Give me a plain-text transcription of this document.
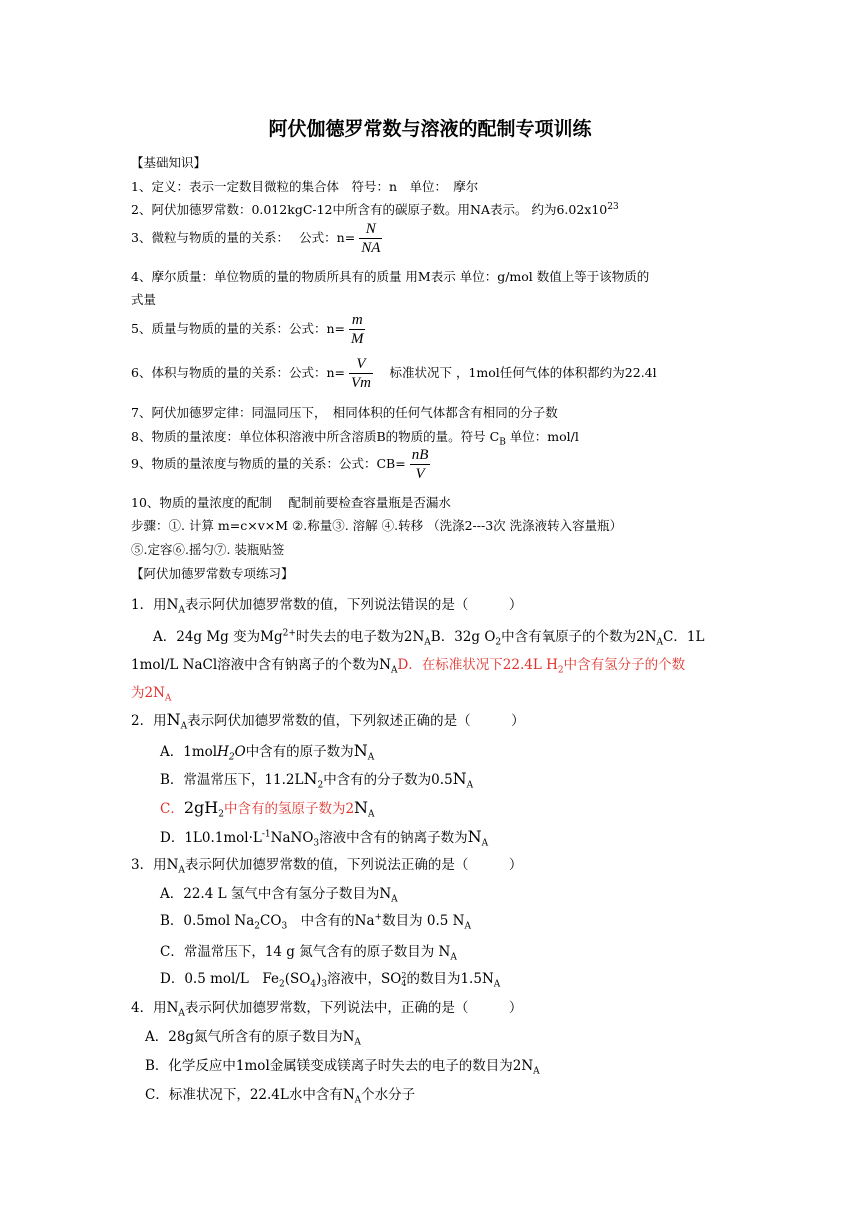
阿伏伽德罗常数与溶液的配制专项训练
【基础知识】
1、定义：表示一定数目微粒的集合体　符号：n　单位：　摩尔
2、阿伏加德罗常数：0.012kgC-12中所含有的碳原子数。用NA表示。 约为$6.02x10^{23}$
3、微粒与物质的量的关系：　 公式：$n= \frac{N}{NA}$
4、摩尔质量：单位物质的量的物质所具有的质量 用M表示 单位：g/mol 数值上等于该物质的
式量
5、质量与物质的量的关系：公式：$n= \frac{m}{M}$
6、体积与物质的量的关系：公式：$n= \frac{V}{Vm}$ 　标准状况下 ，1mol任何气体的体积都约为22.4l
7、阿伏加德罗定律：同温同压下，　相同体积的任何气体都含有相同的分子数
8、物质的量浓度：单位体积溶液中所含溶质B的物质的量。符号 $C_B$ 单位：mol/l
9、物质的量浓度与物质的量的关系：公式：$CB= \frac{nB}{V}$
10、物质的量浓度的配制　 配制前要检查容量瓶是否漏水
步骤：①. 计算 m=c×v×M ②.称量③. 溶解 ④.转移 （洗涤2---3次 洗涤液转入容量瓶）
⑤.定容⑥.摇匀⑦. 装瓶贴签
【阿伏加德罗常数专项练习】
1．用$N_A$表示阿伏加德罗常数的值，下列说法错误的是（　　　）
A．24g Mg 变为$Mg^{2+}$时失去的电子数为$2N_AB$．32g $O_2$中含有氧原子的个数为$2N_AC$．1L
1mol/L NaCl溶液中含有钠离子的个数为$N_AD$．在标准状况下22.4L $H_2$中含有氢分子的个数
为$2N_A$
2．用$N_A$表示阿伏加德罗常数的值，下列叙述正确的是（　　　）
A．1molH$_2$O中含有的原子数为$N_A$
B．常温常压下，$11.2LN_2$中含有的分子数为$0.5N_A$
C．$2gH_2$中含有的氢原子数为$2N_A$
D．$1L0.1mol\cdot L^{-1}NaNO_3$溶液中含有的钠离子数为$N_A$
3．用$N_A$表示阿伏加德罗常数的值，下列说法正确的是（　　　）
A．22.4 L 氢气中含有氢分子数目为$N_A$
B．0.5mol $Na_2CO_3$　 中含有的Na+数目为 0.5 $N_A$
C．常温常压下，14 g 氮气含有的原子数目为 $N_A$
D．0.5 mol/L　$Fe_2(SO_4)_3$溶液中，SO 2
4 的数目为$1.5N_A$
4．用$N_A$表示阿伏加德罗常数，下列说法中，正确的是（　　　）
A．28g氮气所含有的原子数目为$N_A$
B．化学反应中1mol金属镁变成镁离子时失去的电子的数目为$2N_A$
C．标准状况下，22.4L水中含有$N_A$个水分子
